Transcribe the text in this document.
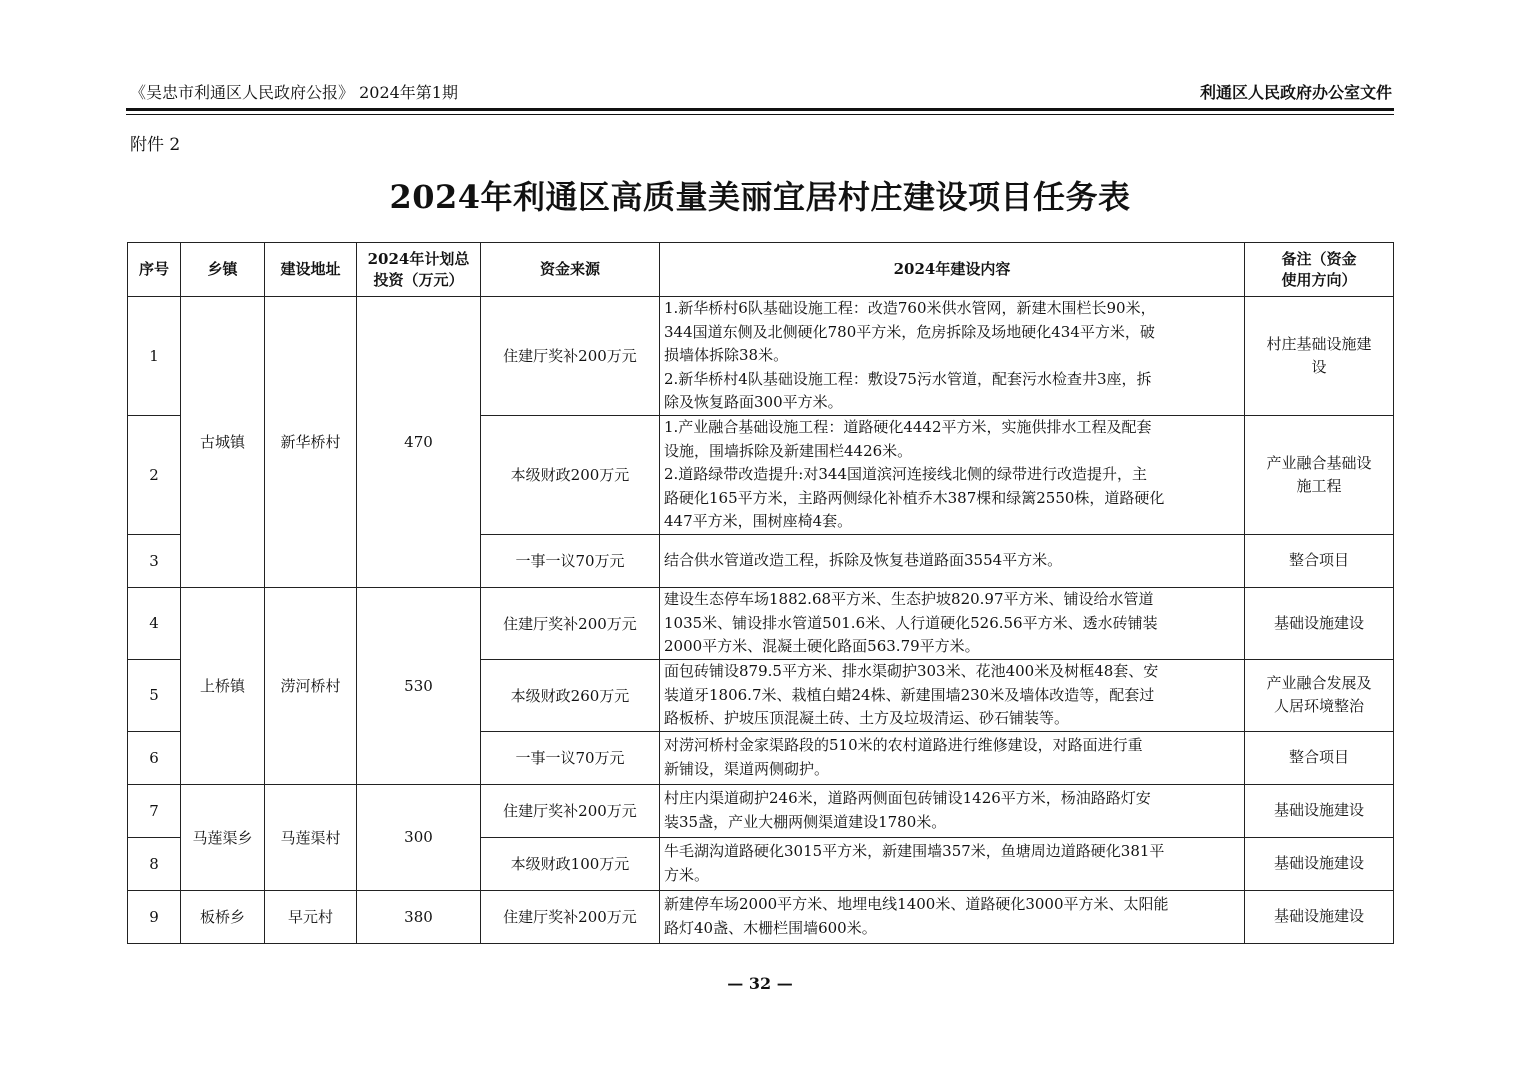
《吴忠市利通区人民政府公报》 2024年第1期	利通区人民政府办公室文件
附件 2
2024年利通区高质量美丽宜居村庄建设项目任务表
序号	乡镇	建设地址	2024年计划总
投资（万元）	资金来源	2024年建设内容	备注（资金
使用方向）
1	古城镇	新华桥村	470	住建厅奖补200万元	1.新华桥村6队基础设施工程：改造760米供水管网，新建木围栏长90米，
344国道东侧及北侧硬化780平方米，危房拆除及场地硬化434平方米，破
损墙体拆除38米。
2.新华桥村4队基础设施工程：敷设75污水管道，配套污水检查井3座，拆
除及恢复路面300平方米。	村庄基础设施建
设
2				本级财政200万元	1.产业融合基础设施工程：道路硬化4442平方米，实施供排水工程及配套
设施，围墙拆除及新建围栏4426米。
2.道路绿带改造提升:对344国道滨河连接线北侧的绿带进行改造提升，主
路硬化165平方米，主路两侧绿化补植乔木387棵和绿篱2550株，道路硬化
447平方米，围树座椅4套。	产业融合基础设
施工程
3				一事一议70万元	结合供水管道改造工程，拆除及恢复巷道路面3554平方米。	整合项目
4	上桥镇	涝河桥村	530	住建厅奖补200万元	建设生态停车场1882.68平方米、生态护坡820.97平方米、铺设给水管道
1035米、铺设排水管道501.6米、人行道硬化526.56平方米、透水砖铺装
2000平方米、混凝土硬化路面563.79平方米。	基础设施建设
5				本级财政260万元	面包砖铺设879.5平方米、排水渠砌护303米、花池400米及树框48套、安
装道牙1806.7米、栽植白蜡24株、新建围墙230米及墙体改造等，配套过
路板桥、护坡压顶混凝土砖、土方及垃圾清运、砂石铺装等。	产业融合发展及
人居环境整治
6				一事一议70万元	对涝河桥村金家渠路段的510米的农村道路进行维修建设，对路面进行重
新铺设，渠道两侧砌护。	整合项目
7	马莲渠乡	马莲渠村	300	住建厅奖补200万元	村庄内渠道砌护246米，道路两侧面包砖铺设1426平方米，杨油路路灯安
装35盏，产业大棚两侧渠道建设1780米。	基础设施建设
8				本级财政100万元	牛毛湖沟道路硬化3015平方米，新建围墙357米，鱼塘周边道路硬化381平
方米。	基础设施建设
9	板桥乡	早元村	380	住建厅奖补200万元	新建停车场2000平方米、地埋电线1400米、道路硬化3000平方米、太阳能
路灯40盏、木栅栏围墙600米。	基础设施建设
— 32 —
